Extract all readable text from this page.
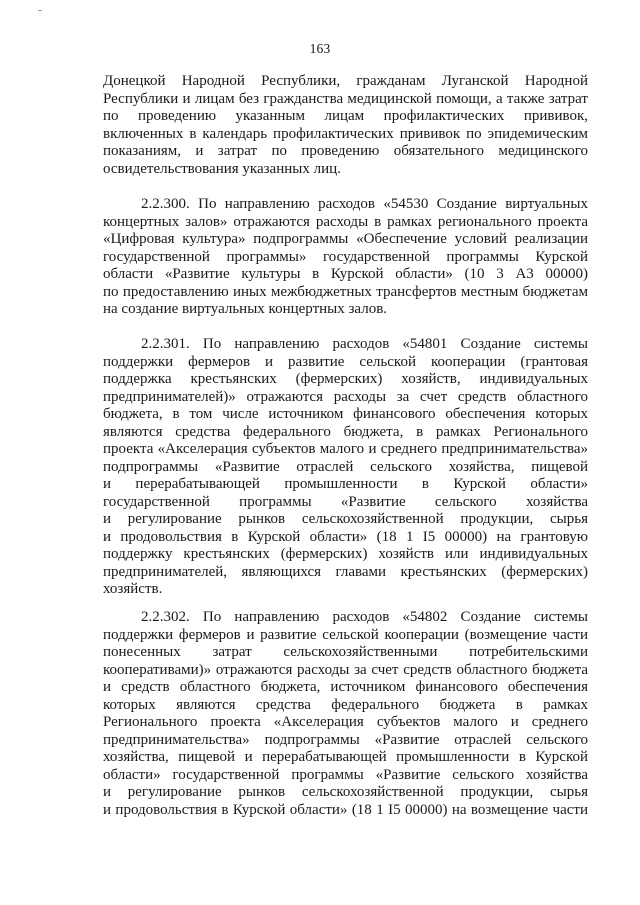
163
Донецкой Народной Республики, гражданам Луганской Народной
Республики и лицам без гражданства медицинской помощи, а также затрат
по проведению указанным лицам профилактических прививок,
включенных в календарь профилактических прививок по эпидемическим
показаниям, и затрат по проведению обязательного медицинского
освидетельствования указанных лиц.
2.2.300. По направлению расходов «54530 Создание виртуальных
концертных залов» отражаются расходы в рамках регионального проекта
«Цифровая культура» подпрограммы «Обеспечение условий реализации
государственной программы» государственной программы Курской
области «Развитие культуры в Курской области» (10 3 А3 00000)
по предоставлению иных межбюджетных трансфертов местным бюджетам
на создание виртуальных концертных залов.
2.2.301. По направлению расходов «54801 Создание системы
поддержки фермеров и развитие сельской кооперации (грантовая
поддержка крестьянских (фермерских) хозяйств, индивидуальных
предпринимателей)» отражаются расходы за счет средств областного
бюджета, в том числе источником финансового обеспечения которых
являются средства федерального бюджета, в рамках Регионального
проекта «Акселерация субъектов малого и среднего предпринимательства»
подпрограммы «Развитие отраслей сельского хозяйства, пищевой
и перерабатывающей промышленности в Курской области»
государственной программы «Развитие сельского хозяйства
и регулирование рынков сельскохозяйственной продукции, сырья
и продовольствия в Курской области» (18 1 I5 00000) на грантовую
поддержку крестьянских (фермерских) хозяйств или индивидуальных
предпринимателей, являющихся главами крестьянских (фермерских)
хозяйств.
2.2.302. По направлению расходов «54802 Создание системы
поддержки фермеров и развитие сельской кооперации (возмещение части
понесенных затрат сельскохозяйственными потребительскими
кооперативами)» отражаются расходы за счет средств областного бюджета
и средств областного бюджета, источником финансового обеспечения
которых являются средства федерального бюджета в рамках
Регионального проекта «Акселерация субъектов малого и среднего
предпринимательства» подпрограммы «Развитие отраслей сельского
хозяйства, пищевой и перерабатывающей промышленности в Курской
области» государственной программы «Развитие сельского хозяйства
и регулирование рынков сельскохозяйственной продукции, сырья
и продовольствия в Курской области» (18 1 I5 00000) на возмещение части
